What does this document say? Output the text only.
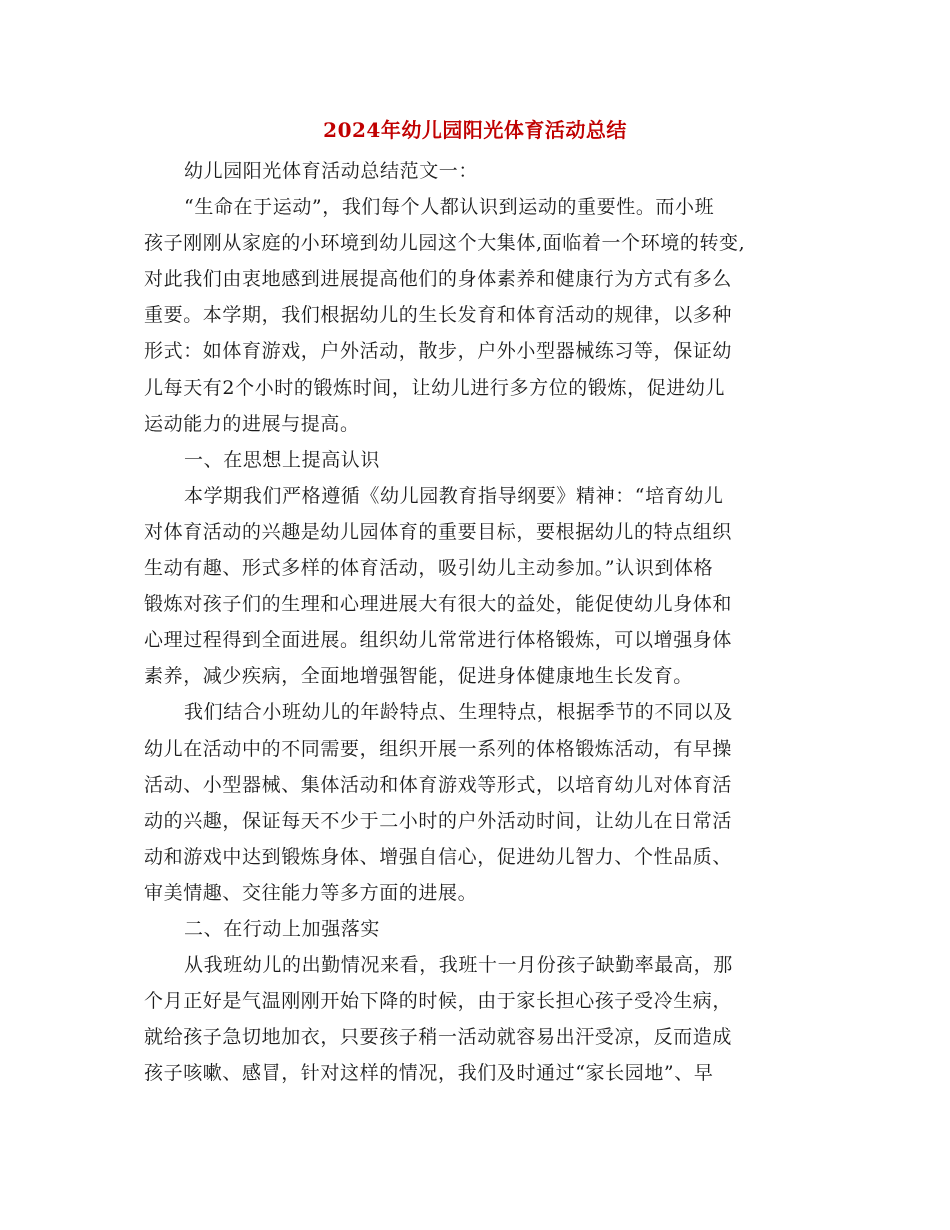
2024年幼儿园阳光体育活动总结
幼儿园阳光体育活动总结范文一：
“生命在于运动”，我们每个人都认识到运动的重要性。而小班
孩子刚刚从家庭的小环境到幼儿园这个大集体,面临着一个环境的转变,
对此我们由衷地感到进展提高他们的身体素养和健康行为方式有多么
重要。本学期，我们根据幼儿的生长发育和体育活动的规律，以多种
形式：如体育游戏，户外活动，散步，户外小型器械练习等，保证幼
儿每天有2个小时的锻炼时间，让幼儿进行多方位的锻炼，促进幼儿
运动能力的进展与提高。
一、在思想上提高认识
本学期我们严格遵循《幼儿园教育指导纲要》精神：“培育幼儿
对体育活动的兴趣是幼儿园体育的重要目标，要根据幼儿的特点组织
生动有趣、形式多样的体育活动，吸引幼儿主动参加。”认识到体格
锻炼对孩子们的生理和心理进展大有很大的益处，能促使幼儿身体和
心理过程得到全面进展。组织幼儿常常进行体格锻炼，可以增强身体
素养，减少疾病，全面地增强智能，促进身体健康地生长发育。
我们结合小班幼儿的年龄特点、生理特点，根据季节的不同以及
幼儿在活动中的不同需要，组织开展一系列的体格锻炼活动，有早操
活动、小型器械、集体活动和体育游戏等形式，以培育幼儿对体育活
动的兴趣，保证每天不少于二小时的户外活动时间，让幼儿在日常活
动和游戏中达到锻炼身体、增强自信心，促进幼儿智力、个性品质、
审美情趣、交往能力等多方面的进展。
二、在行动上加强落实
从我班幼儿的出勤情况来看，我班十一月份孩子缺勤率最高，那
个月正好是气温刚刚开始下降的时候，由于家长担心孩子受冷生病，
就给孩子急切地加衣，只要孩子稍一活动就容易出汗受凉，反而造成
孩子咳嗽、感冒，针对这样的情况，我们及时通过“家长园地”、早
